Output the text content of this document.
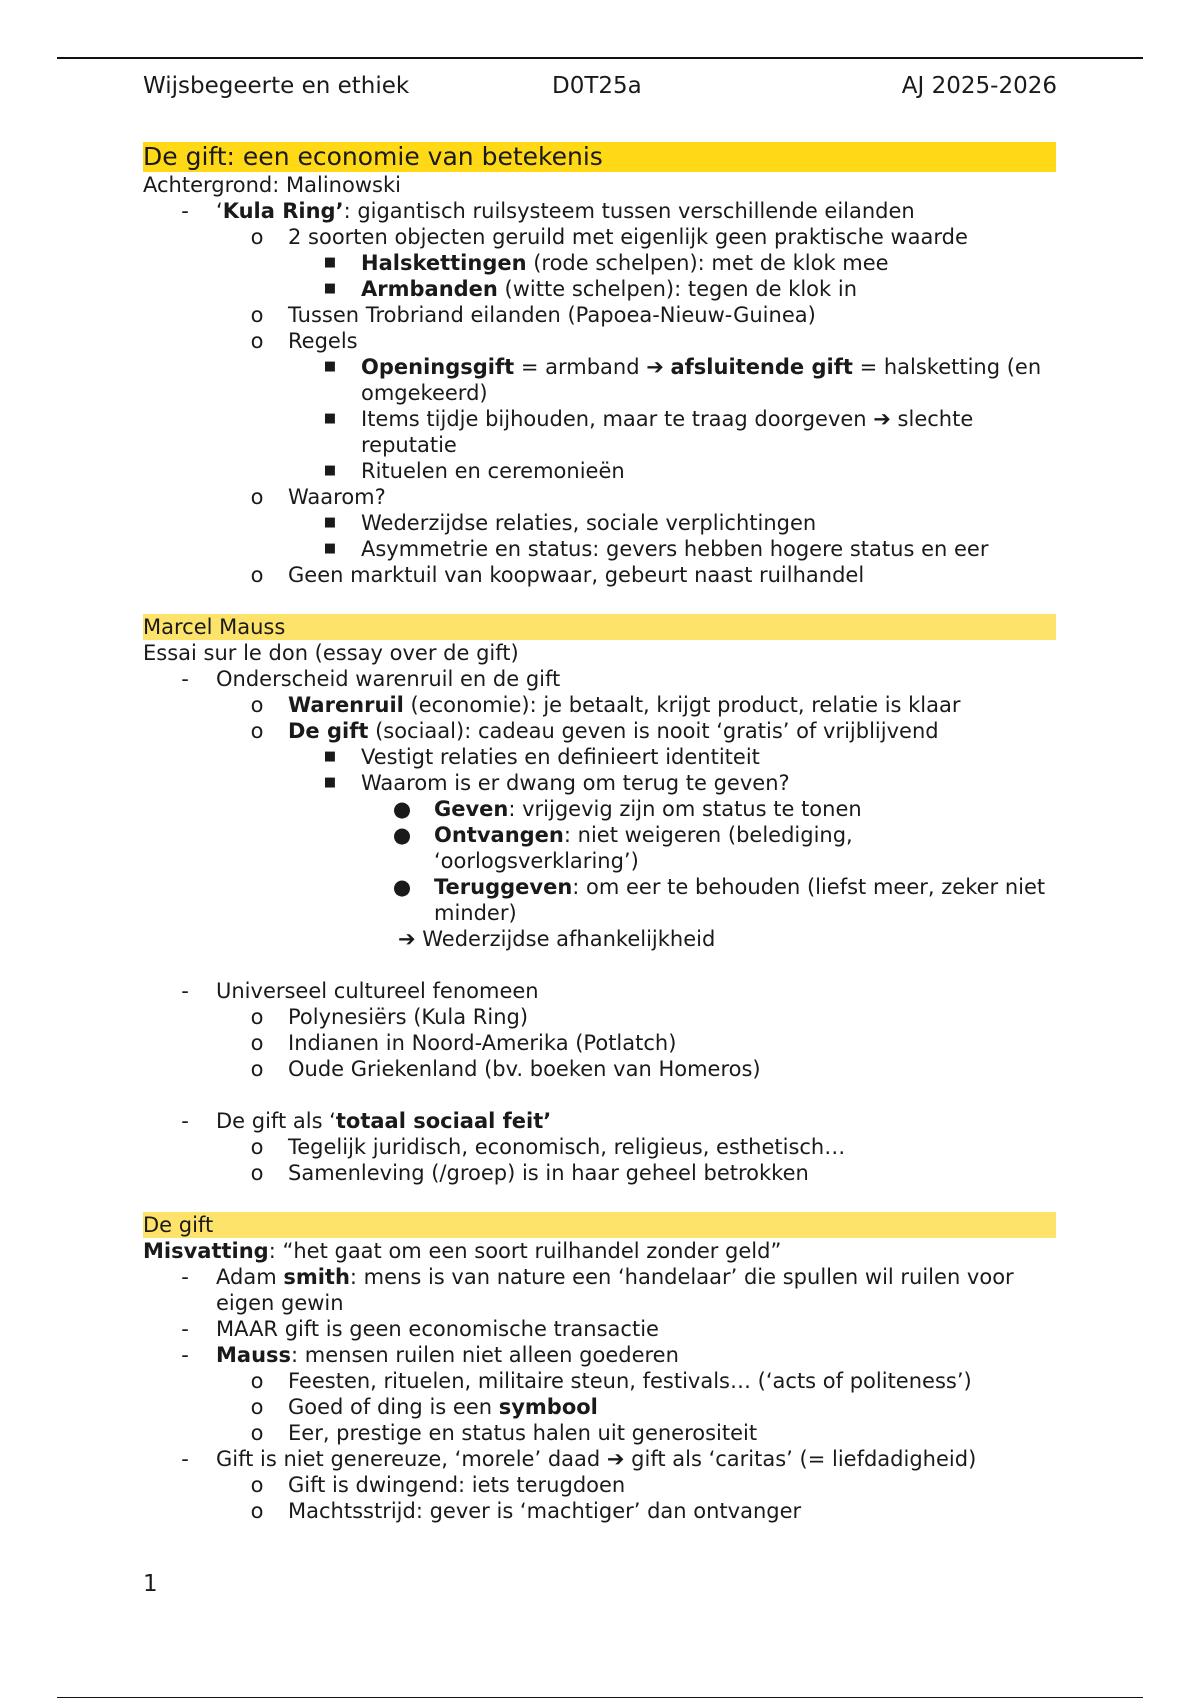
Wijsbegeerte en ethiek	D0T25a	AJ 2025-2026
De gift: een economie van betekenis
Achtergrond: Malinowski
- ‘Kula Ring’: gigantisch ruilsysteem tussen verschillende eilanden
o 2 soorten objecten geruild met eigenlijk geen praktische waarde
■ Halskettingen (rode schelpen): met de klok mee
■ Armbanden (witte schelpen): tegen de klok in
o Tussen Trobriand eilanden (Papoea-Nieuw-Guinea)
o Regels
■ Openingsgift = armband ➔ afsluitende gift = halsketting (en omgekeerd)
■ Items tijdje bijhouden, maar te traag doorgeven ➔ slechte reputatie
■ Rituelen en ceremonieën
o Waarom?
■ Wederzijdse relaties, sociale verplichtingen
■ Asymmetrie en status: gevers hebben hogere status en eer
o Geen marktuil van koopwaar, gebeurt naast ruilhandel
Marcel Mauss
Essai sur le don (essay over de gift)
- Onderscheid warenruil en de gift
o Warenruil (economie): je betaalt, krijgt product, relatie is klaar
o De gift (sociaal): cadeau geven is nooit ‘gratis’ of vrijblijvend
■ Vestigt relaties en definieert identiteit
■ Waarom is er dwang om terug te geven?
● Geven: vrijgevig zijn om status te tonen
● Ontvangen: niet weigeren (belediging, ‘oorlogsverklaring’)
● Teruggeven: om eer te behouden (liefst meer, zeker niet minder)
➔ Wederzijdse afhankelijkheid
- Universeel cultureel fenomeen
o Polynesiërs (Kula Ring)
o Indianen in Noord-Amerika (Potlatch)
o Oude Griekenland (bv. boeken van Homeros)
- De gift als ‘totaal sociaal feit’
o Tegelijk juridisch, economisch, religieus, esthetisch…
o Samenleving (/groep) is in haar geheel betrokken
De gift
Misvatting: “het gaat om een soort ruilhandel zonder geld”
- Adam smith: mens is van nature een ‘handelaar’ die spullen wil ruilen voor eigen gewin
- MAAR gift is geen economische transactie
- Mauss: mensen ruilen niet alleen goederen
o Feesten, rituelen, militaire steun, festivals… (‘acts of politeness’)
o Goed of ding is een symbool
o Eer, prestige en status halen uit generositeit
- Gift is niet genereuze, ‘morele’ daad ➔ gift als ‘caritas’ (= liefdadigheid)
o Gift is dwingend: iets terugdoen
o Machtsstrijd: gever is ‘machtiger’ dan ontvanger
1
